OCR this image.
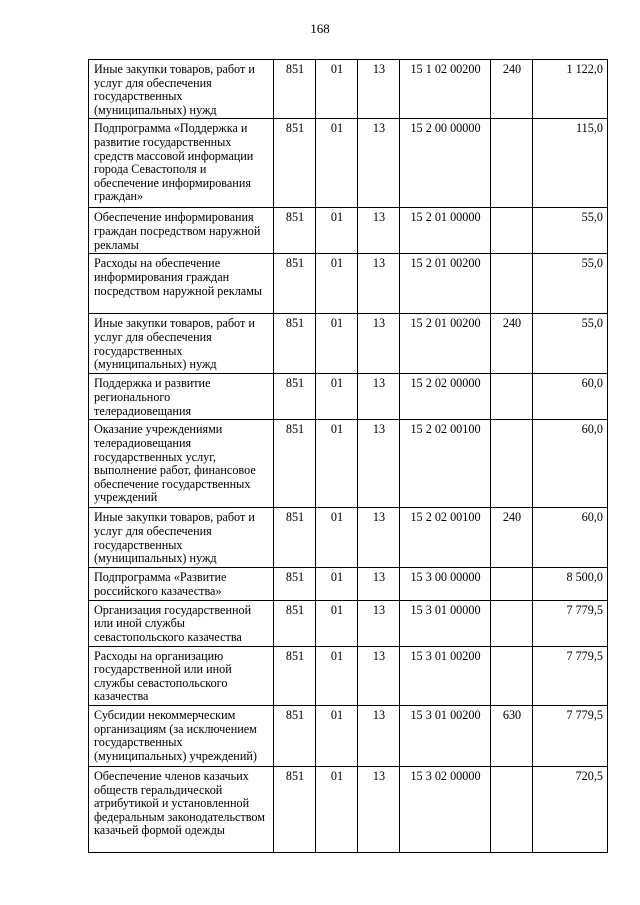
168
Иные закупки товаров, работ и услуг для обеспечения государственных (муниципальных) нужд	851	01	13	15 1 02 00200	240	1 122,0
Подпрограмма «Поддержка и развитие государственных средств массовой информации города Севастополя и обеспечение информирования граждан»	851	01	13	15 2 00 00000		115,0
Обеспечение информирования граждан посредством наружной рекламы	851	01	13	15 2 01 00000		55,0
Расходы на обеспечение информирования граждан посредством наружной рекламы	851	01	13	15 2 01 00200		55,0
Иные закупки товаров, работ и услуг для обеспечения государственных (муниципальных) нужд	851	01	13	15 2 01 00200	240	55,0
Поддержка и развитие регионального телерадиовещания	851	01	13	15 2 02 00000		60,0
Оказание учреждениями телерадиовещания государственных услуг, выполнение работ, финансовое обеспечение государственных учреждений	851	01	13	15 2 02 00100		60,0
Иные закупки товаров, работ и услуг для обеспечения государственных (муниципальных) нужд	851	01	13	15 2 02 00100	240	60,0
Подпрограмма «Развитие российского казачества»	851	01	13	15 3 00 00000		8 500,0
Организация государственной или иной службы севастопольского казачества	851	01	13	15 3 01 00000		7 779,5
Расходы на организацию государственной или иной службы севастопольского казачества	851	01	13	15 3 01 00200		7 779,5
Субсидии некоммерческим организациям (за исключением государственных (муниципальных) учреждений)	851	01	13	15 3 01 00200	630	7 779,5
Обеспечение членов казачьих обществ геральдической атрибутикой и установленной федеральным законодательством казачьей формой одежды	851	01	13	15 3 02 00000		720,5
